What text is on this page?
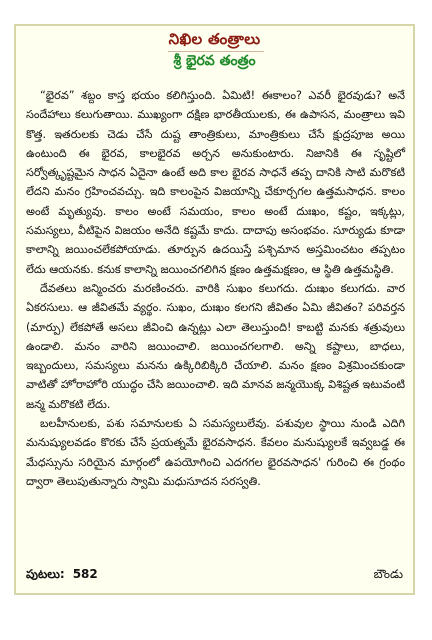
నిఖిల తంత్రాలు
శ్రీ భైరవ తంత్రం

“భైరవ” శబ్దం కాస్త భయం కలిగిస్తుంది. ఏమిటి! ఈకాలం? ఎవరీ భైరవుడు? అనే సందేహాలు కలుగుతాయి. ముఖ్యంగా దక్షిణ భారతీయులకు, ఈ ఉపాసన, మంత్రాలు ఇవి కొత్త. ఇతరులకు చెడు చేసే దుష్ట తాంత్రికులు, మాంత్రికులు చేసే క్షుద్రపూజ అయి ఉంటుంది ఈ భైరవ, కాలభైరవ అర్చన అనుకుంటారు. నిజానికి ఈ సృష్టిలో సర్వోత్కృష్టమైన సాధన ఏదైనా ఉంటే అది కాల భైరవ సాధనే తప్ప దానికి సాటి మరొకటి లేదని మనం గ్రహించవచ్చు. ఇది కాలంపైన విజయాన్ని చేకూర్చగల ఉత్తమసాధన. కాలం అంటే మృత్యువు. కాలం అంటే సమయం, కాలం అంటే దుఃఖం, కష్టం, ఇక్కట్లు, సమస్యలు, వీటిపైన విజయం అనేది కష్టమే కాదు. దాదాపు అసంభవం. సూర్యుడు కూడా కాలాన్ని జయించలేకపోయాడు. తూర్పున ఉదయిస్తే పశ్చిమాన అస్తమించటం తప్పటం లేదు ఆయనకు. కనుక కాలాన్ని జయించగలిగిన క్షణం ఉత్తమక్షణం, ఆ స్థితి ఉత్తమస్థితి.

దేవతలు జన్మించరు మరణించరు. వారికి సుఖం కలుగదు. దుఃఖం కలుగదు. వార ఏకరసులు. ఆ జీవితమే వ్యర్థం. సుఖం, దుఃఖం కలగని జీవితం ఏమి జీవితం? పరివర్తన (మార్పు) లేకపోతే అసలు జీవించి ఉన్నట్లు ఎలా తెలుస్తుంది! కాబట్టి మనకు శత్రువులు ఉండాలి. మనం వారిని జయించాలి. జయించగలగాలి. అన్ని కష్టాలు, బాధలు, ఇబ్బందులు, సమస్యలు మనను ఉక్కిరిబిక్కిరి చేయాలి. మనం క్షణం విశ్రమించకుండా వాటితో హోరాహోరి యుద్ధం చేసి జయించాలి. ఇది మానవ జన్మయొక్క విశిష్టత ఇటువంటి జన్మ మరొకటి లేదు.

బలహీనులకు, పశు సమానులకు ఏ సమస్యలులేవు. పశువుల స్థాయి నుండి ఎదిగి మనుష్యులవడం కొరకు చేసే ప్రయత్నమే భైరవసాధన. కేవలం మనుష్యులకే ఇవ్వబడ్డ ఈ మేధస్సును సరియైన మార్గంలో ఉపయోగించి ఎదగగల భైరవసాధన' గురించి ఈ గ్రంథం ద్వారా తెలుపుతున్నారు స్వామి మధుసూదన సరస్వతి.

పుటలు: 582	బౌండు
